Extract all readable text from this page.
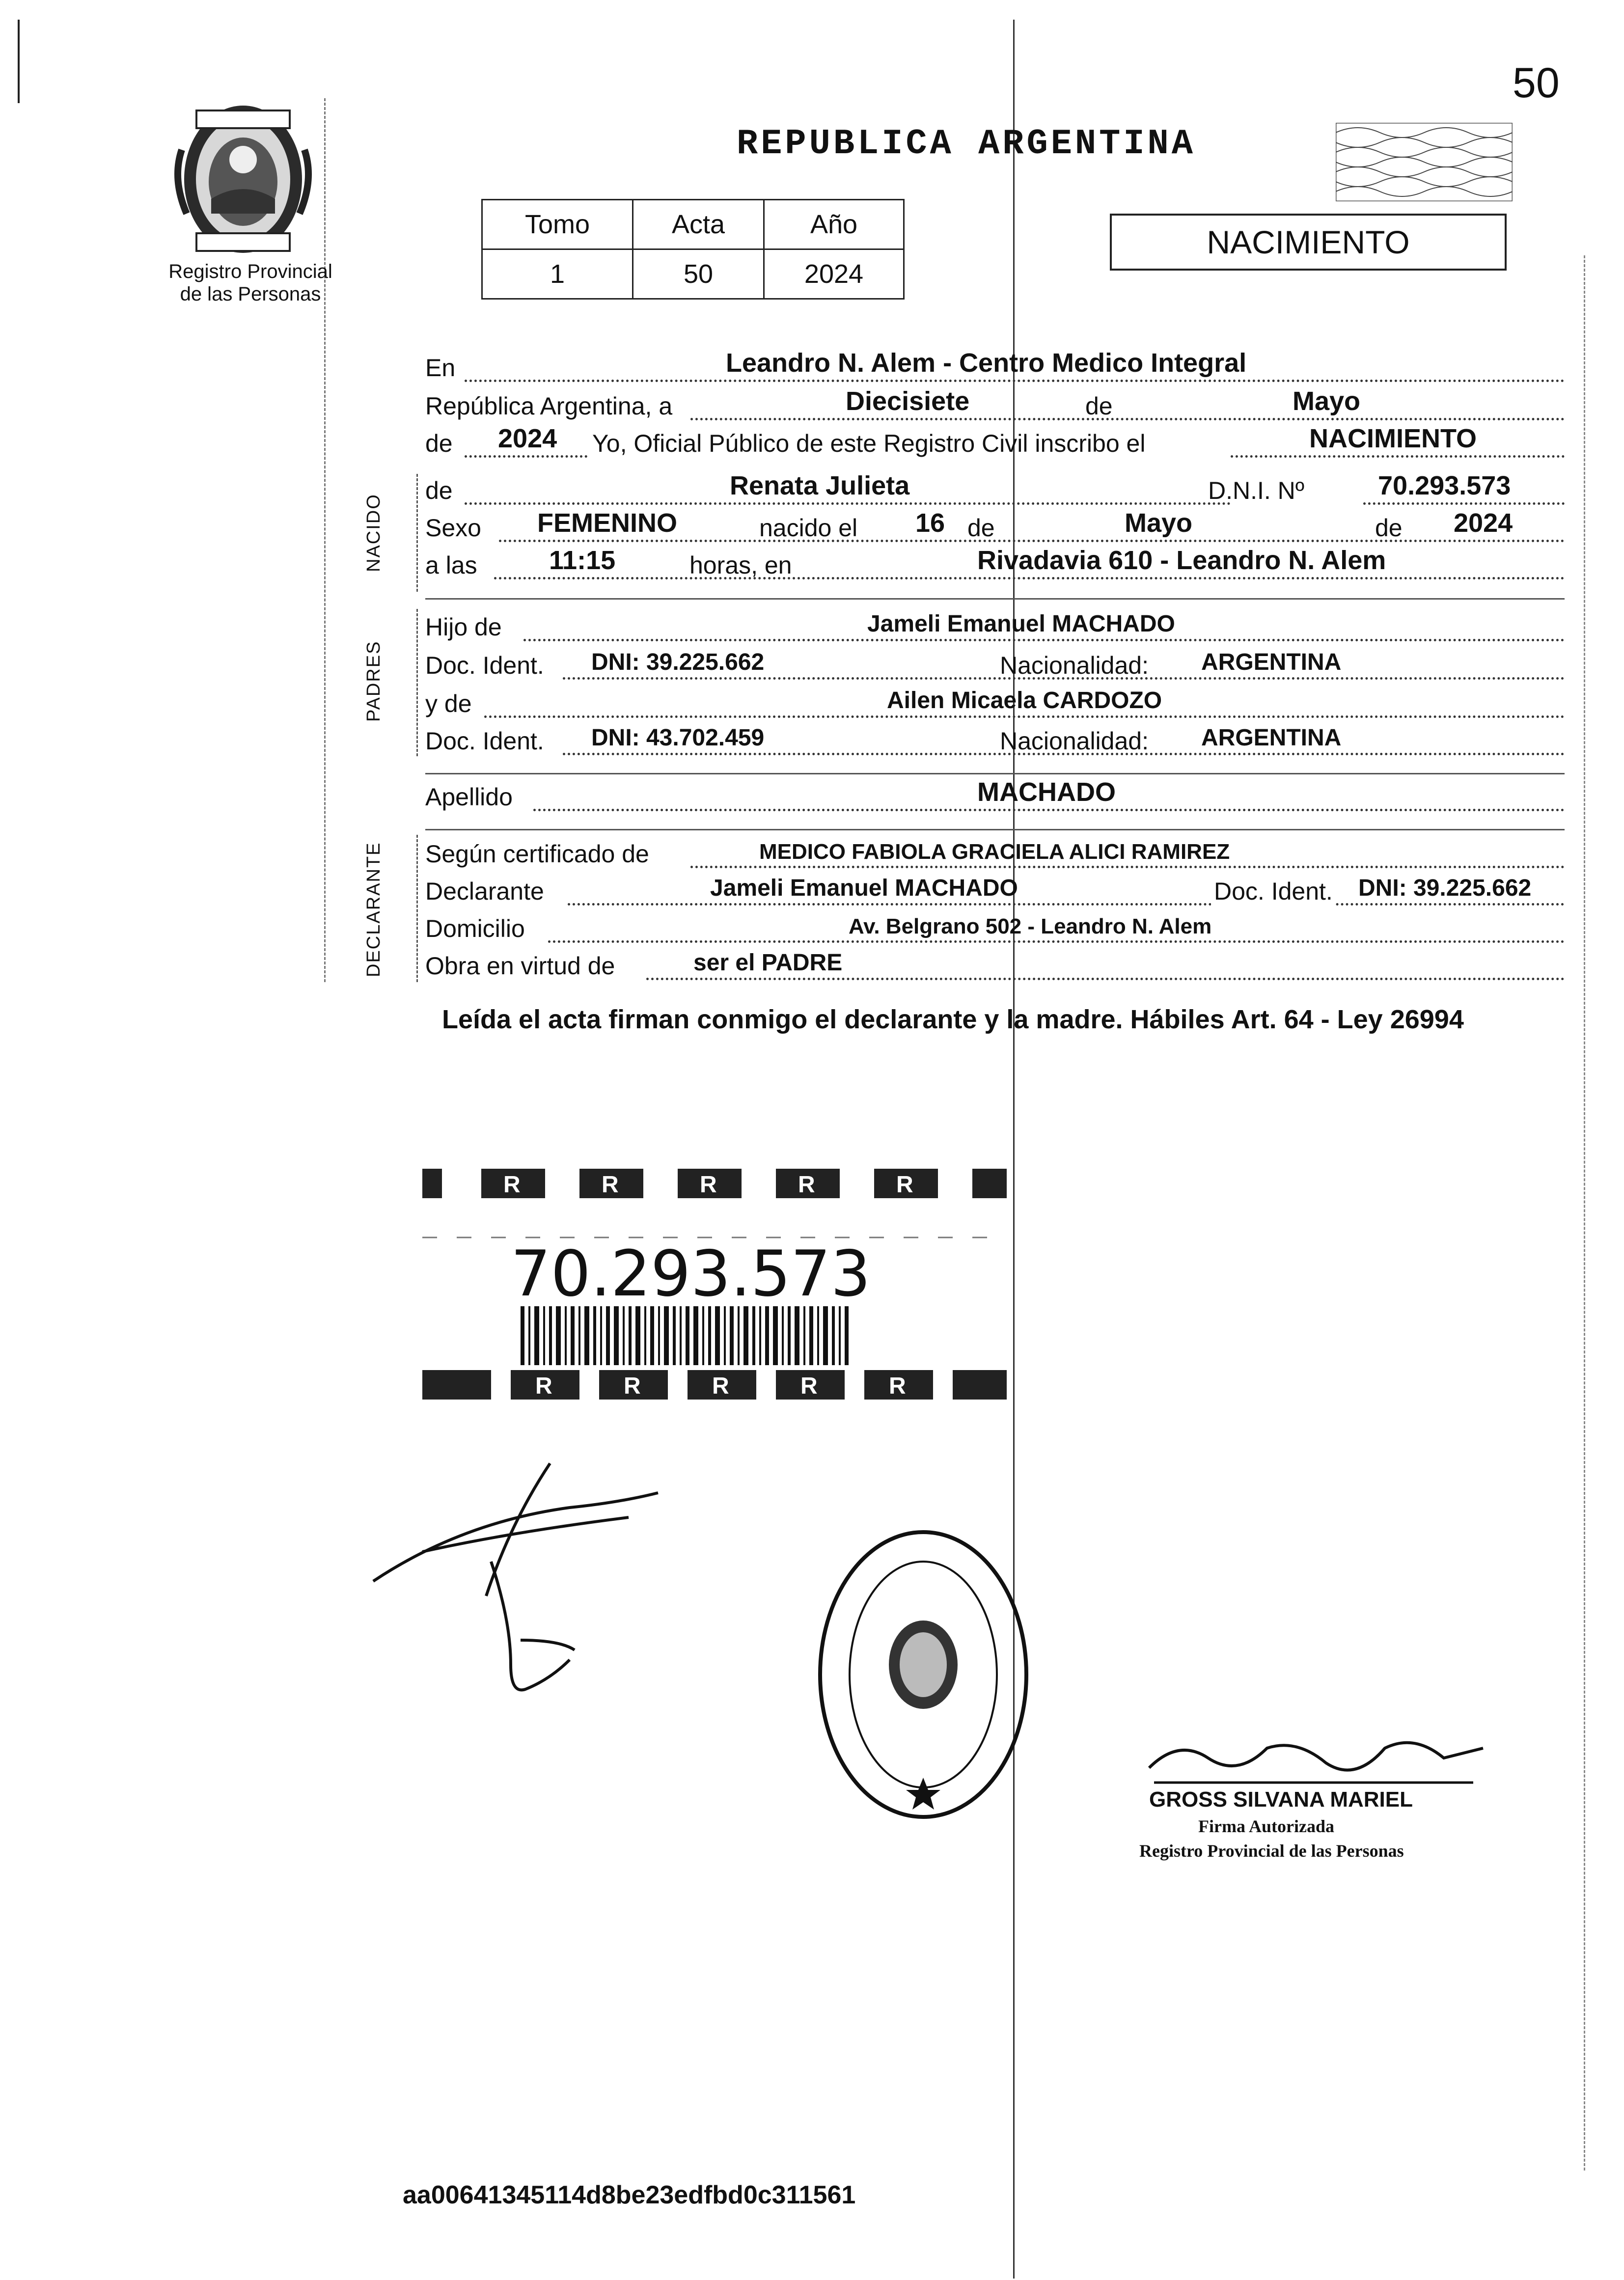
50
Registro Provincial
de las Personas
REPUBLICA ARGENTINA
Tomo	Acta	Año
1	50	2024
NACIMIENTO
En	Leandro N. Alem - Centro Medico Integral
República Argentina, a	Diecisiete	de	Mayo
de 2024 Yo, Oficial Público de este Registro Civil inscribo el	NACIMIENTO
NACIDO
de	Renata Julieta	D.N.I. Nº	70.293.573
Sexo FEMENINO	nacido el 16 de	Mayo	de 2024
a las	11:15	horas, en	Rivadavia 610 - Leandro N. Alem
PADRES
Hijo de	Jameli Emanuel MACHADO
Doc. Ident. DNI: 39.225.662	Nacionalidad: ARGENTINA
y de	Ailen Micaela CARDOZO
Doc. Ident. DNI: 43.702.459	Nacionalidad: ARGENTINA
Apellido	MACHADO
DECLARANTE Según certificado de	MEDICO FABIOLA GRACIELA ALICI RAMIREZ
Declarante	Jameli Emanuel MACHADO	Doc. Ident. DNI: 39.225.662
Domicilio	Av. Belgrano 502 - Leandro N. Alem
Obra en virtud de	ser el PADRE
Leída el acta firman conmigo el declarante y la madre. Hábiles Art. 64 - Ley 26994
R	R	R	R	R
R	R	R	R	R
70.293.573
GROSS SILVANA MARIEL
Firma Autorizada
Registro Provincial de las Personas
aa00641345114d8be23edfbd0c311561
